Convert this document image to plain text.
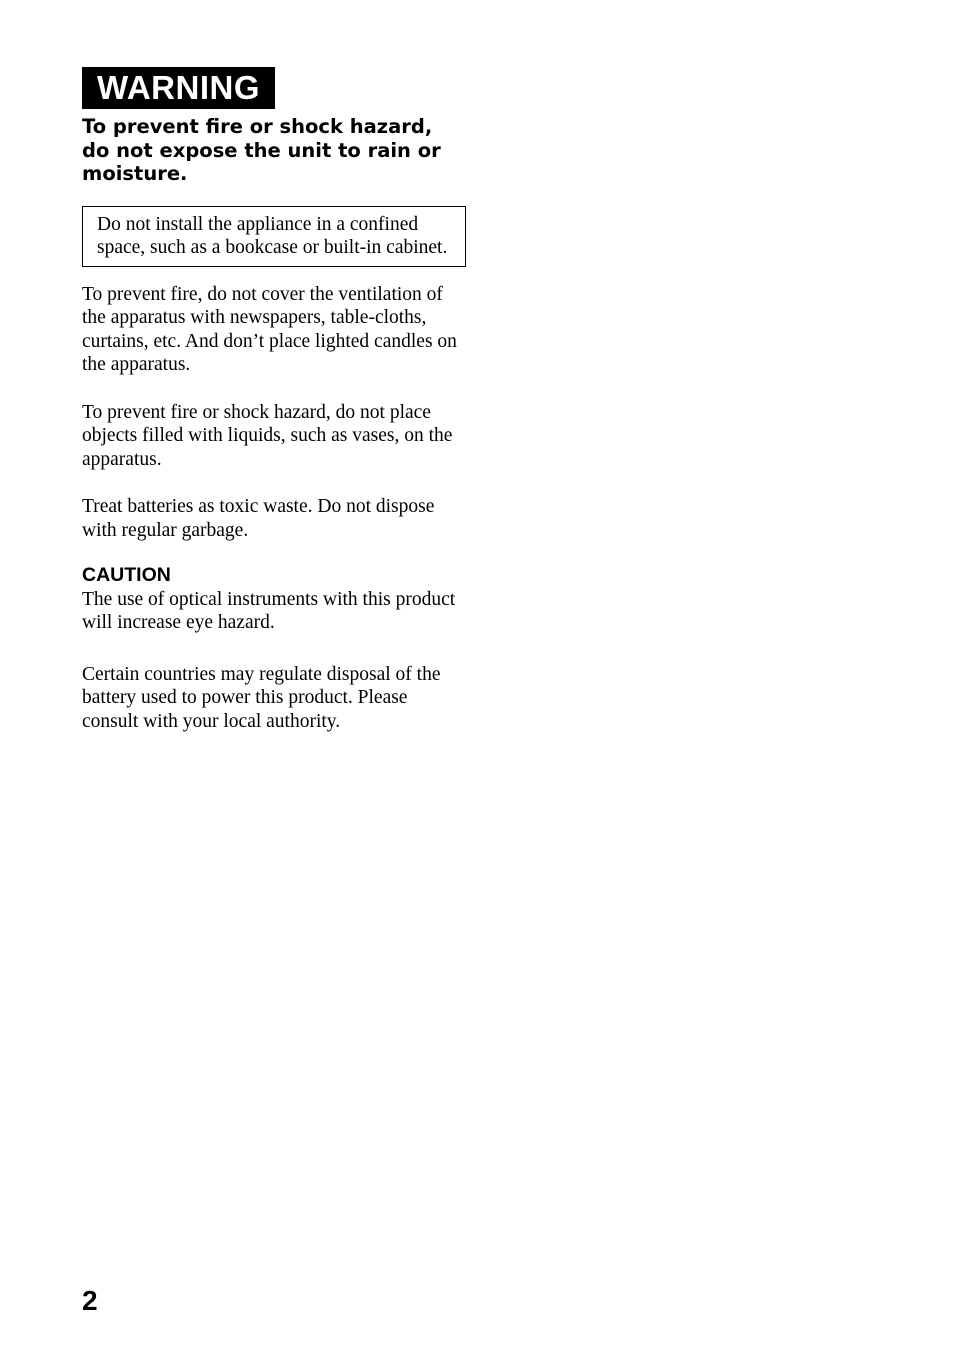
WARNING
To prevent fire or shock hazard, do not expose the unit to rain or moisture.
Do not install the appliance in a confined space, such as a bookcase or built-in cabinet.
To prevent fire, do not cover the ventilation of the apparatus with newspapers, table-cloths, curtains, etc. And don’t place lighted candles on the apparatus.
To prevent fire or shock hazard, do not place objects filled with liquids, such as vases, on the apparatus.
Treat batteries as toxic waste. Do not dispose with regular garbage.
CAUTION
The use of optical instruments with this product will increase eye hazard.
Certain countries may regulate disposal of the battery used to power this product. Please consult with your local authority.
2
